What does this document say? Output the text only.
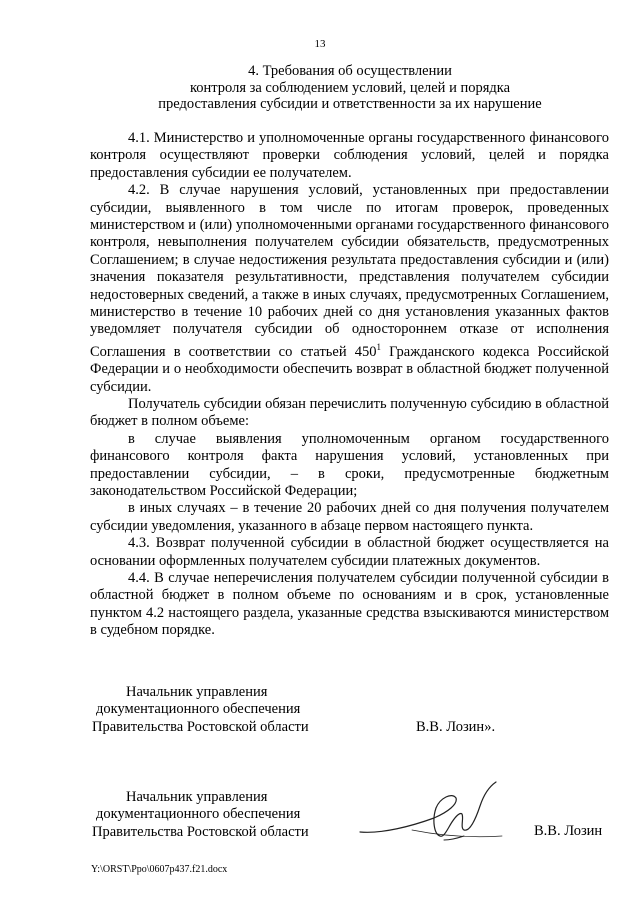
13
4. Требования об осуществлении
контроля за соблюдением условий, целей и порядка
предоставления субсидии и ответственности за их нарушение

4.1. Министерство и уполномоченные органы государственного финансового контроля осуществляют проверки соблюдения условий, целей и порядка предоставления субсидии ее получателем.

4.2. В случае нарушения условий, установленных при предоставлении субсидии, выявленного в том числе по итогам проверок, проведенных министерством и (или) уполномоченными органами государственного финансового контроля, невыполнения получателем субсидии обязательств, предусмотренных Соглашением; в случае недостижения результата предоставления субсидии и (или) значения показателя результативности, представления получателем субсидии недостоверных сведений, а также в иных случаях, предусмотренных Соглашением, министерство в течение 10 рабочих дней со дня установления указанных фактов уведомляет получателя субсидии об одностороннем отказе от исполнения Соглашения в соответствии со статьей $450^1$ Гражданского кодекса Российской Федерации и о необходимости обеспечить возврат в областной бюджет полученной субсидии.

Получатель субсидии обязан перечислить полученную субсидию в областной бюджет в полном объеме:

в случае выявления уполномоченным органом государственного финансового контроля факта нарушения условий, установленных при предоставлении субсидии, – в сроки, предусмотренные бюджетным законодательством Российской Федерации;

в иных случаях – в течение 20 рабочих дней со дня получения получателем субсидии уведомления, указанного в абзаце первом настоящего пункта.

4.3. Возврат полученной субсидии в областной бюджет осуществляется на основании оформленных получателем субсидии платежных документов.

4.4. В случае неперечисления получателем субсидии полученной субсидии в областной бюджет в полном объеме по основаниям и в срок, установленные пунктом 4.2 настоящего раздела, указанные средства взыскиваются министерством в судебном порядке.

Начальник управления
документационного обеспечения
Правительства Ростовской области	В.В. Лозин».
Начальник управления
документационного обеспечения
Правительства Ростовской области	В.В. Лозин
Y:\ORST\Ppo\0607p437.f21.docx
